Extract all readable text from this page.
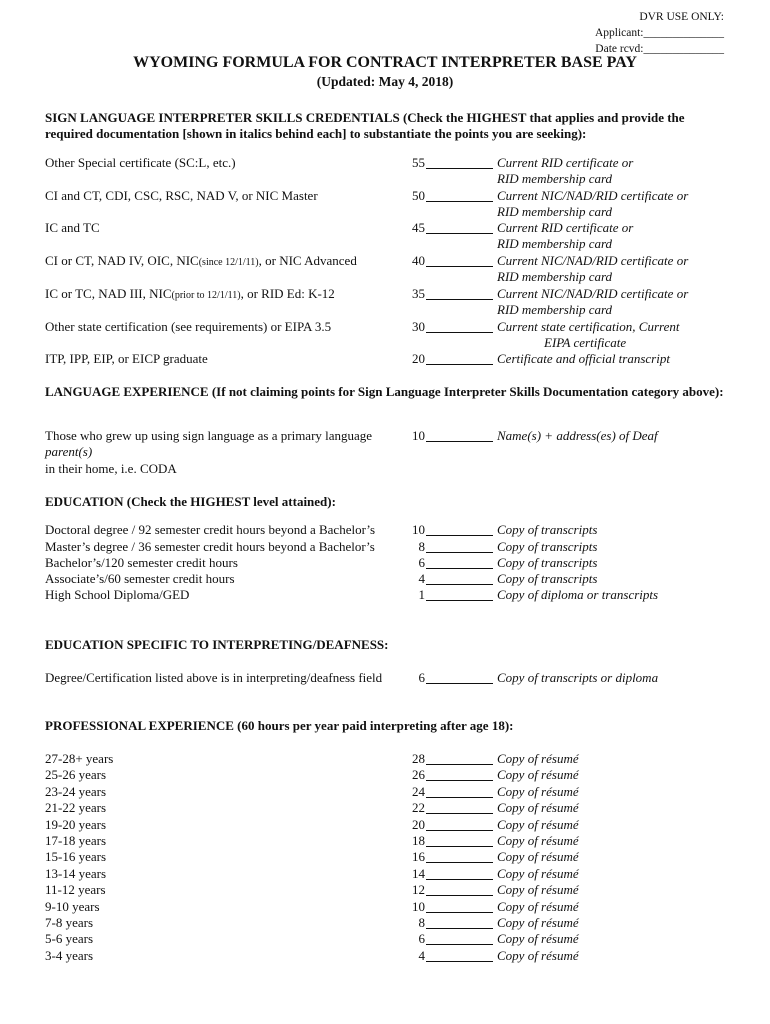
DVR USE ONLY:
Applicant:______________
Date rcvd:______________
WYOMING FORMULA FOR CONTRACT INTERPRETER BASE PAY
(Updated: May 4, 2018)
SIGN LANGUAGE INTERPRETER SKILLS CREDENTIALS (Check the HIGHEST that applies and provide the required documentation [shown in italics behind each] to substantiate the points you are seeking):
Other Special certificate (SC:L, etc.)	55	Current RID certificate or
RID membership card
CI and CT, CDI, CSC, RSC, NAD V, or NIC Master	50	Current NIC/NAD/RID certificate or
RID membership card
IC and TC	45	Current RID certificate or
RID membership card
CI or CT, NAD IV, OIC, NIC(since 12/1/11), or NIC Advanced	40	Current NIC/NAD/RID certificate or
RID membership card
IC or TC, NAD III, NIC(prior to 12/1/11), or RID Ed: K-12	35	Current NIC/NAD/RID certificate or
RID membership card
Other state certification (see requirements) or EIPA 3.5	30	Current state certification, Current
EIPA certificate
ITP, IPP, EIP, or EICP graduate	20	Certificate and official transcript
LANGUAGE EXPERIENCE (If not claiming points for Sign Language Interpreter Skills Documentation category above):
Those who grew up using sign language as a primary language	10	Name(s) + address(es) of Deaf
parent(s)
in their home, i.e. CODA
EDUCATION (Check the HIGHEST level attained):
Doctoral degree / 92 semester credit hours beyond a Bachelor’s	10	Copy of transcripts
Master’s degree / 36 semester credit hours beyond a Bachelor’s	8	Copy of transcripts
Bachelor’s/120 semester credit hours	6	Copy of transcripts
Associate’s/60 semester credit hours	4	Copy of transcripts
High School Diploma/GED	1	Copy of diploma or transcripts
EDUCATION SPECIFIC TO INTERPRETING/DEAFNESS:
Degree/Certification listed above is in interpreting/deafness field	6	Copy of transcripts or diploma
PROFESSIONAL EXPERIENCE (60 hours per year paid interpreting after age 18):
27-28+ years	28	Copy of résumé
25-26 years	26	Copy of résumé
23-24 years	24	Copy of résumé
21-22 years	22	Copy of résumé
19-20 years	20	Copy of résumé
17-18 years	18	Copy of résumé
15-16 years	16	Copy of résumé
13-14 years	14	Copy of résumé
11-12 years	12	Copy of résumé
9-10 years	10	Copy of résumé
7-8 years	8	Copy of résumé
5-6 years	6	Copy of résumé
3-4 years	4	Copy of résumé
